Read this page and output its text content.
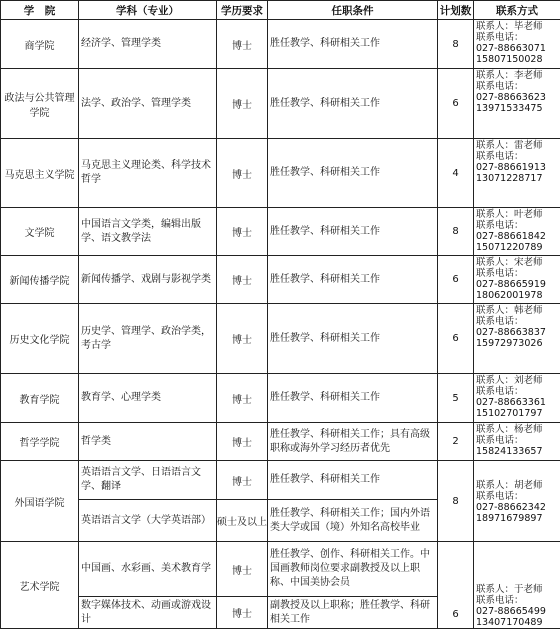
学　院	学科（专业）	学历要求	任职条件	计划数	联系方式
商学院	经济学、管理学类	博士	胜任教学、科研相关工作	8	联系人：毕老师
联系电话：
027-88663071
15807150028

政法与公共管理学院	法学、政治学、管理学类	博士	胜任教学、科研相关工作	6	联系人：李老师
联系电话：
027-88663623
13971533475

马克思主义学院	马克思主义理论类、科学技术哲学	博士	胜任教学、科研相关工作	4	联系人：雷老师
联系电话：
027-88661913
13071228717

文学院	中国语言文学类，编辑出版学、语文教学法	博士	胜任教学、科研相关工作	8	联系人：叶老师
联系电话：
027-88661842
15071220789

新闻传播学院	新闻传播学、戏剧与影视学类	博士	胜任教学、科研相关工作	6	联系人：宋老师
联系电话：
027-88665919
18062001978

历史文化学院	历史学、管理学、政治学类，考古学	博士	胜任教学、科研相关工作	6	联系人：韩老师
联系电话：
027-88663837
15972973026

教育学院	教育学、心理学类	博士	胜任教学、科研相关工作	5	联系人：刘老师
联系电话：
027-88663361
15102701797

哲学学院	哲学类	博士	胜任教学、科研相关工作；具有高级职称或海外学习经历者优先	2	联系人：杨老师
联系电话：
15824133657

外国语学院	英语语言文学、日语语言文学、翻译	博士	胜任教学、科研相关工作	8	联系人：胡老师
联系电话：
027-88662342
18971679897

	英语语言文学（大学英语部）	硕士及以上	胜任教学、科研相关工作；国内外语类大学或国（境）外知名高校毕业		
艺术学院	中国画、水彩画、美术教育学	博士	胜任教学、创作、科研相关工作。中国画教师岗位要求副教授及以上职称、中国美协会员	6	联系人：于老师
联系电话：
027-88665499
13407170489

	数字媒体技术、动画或游戏设计	博士	副教授及以上职称；胜任教学、科研相关工作		
